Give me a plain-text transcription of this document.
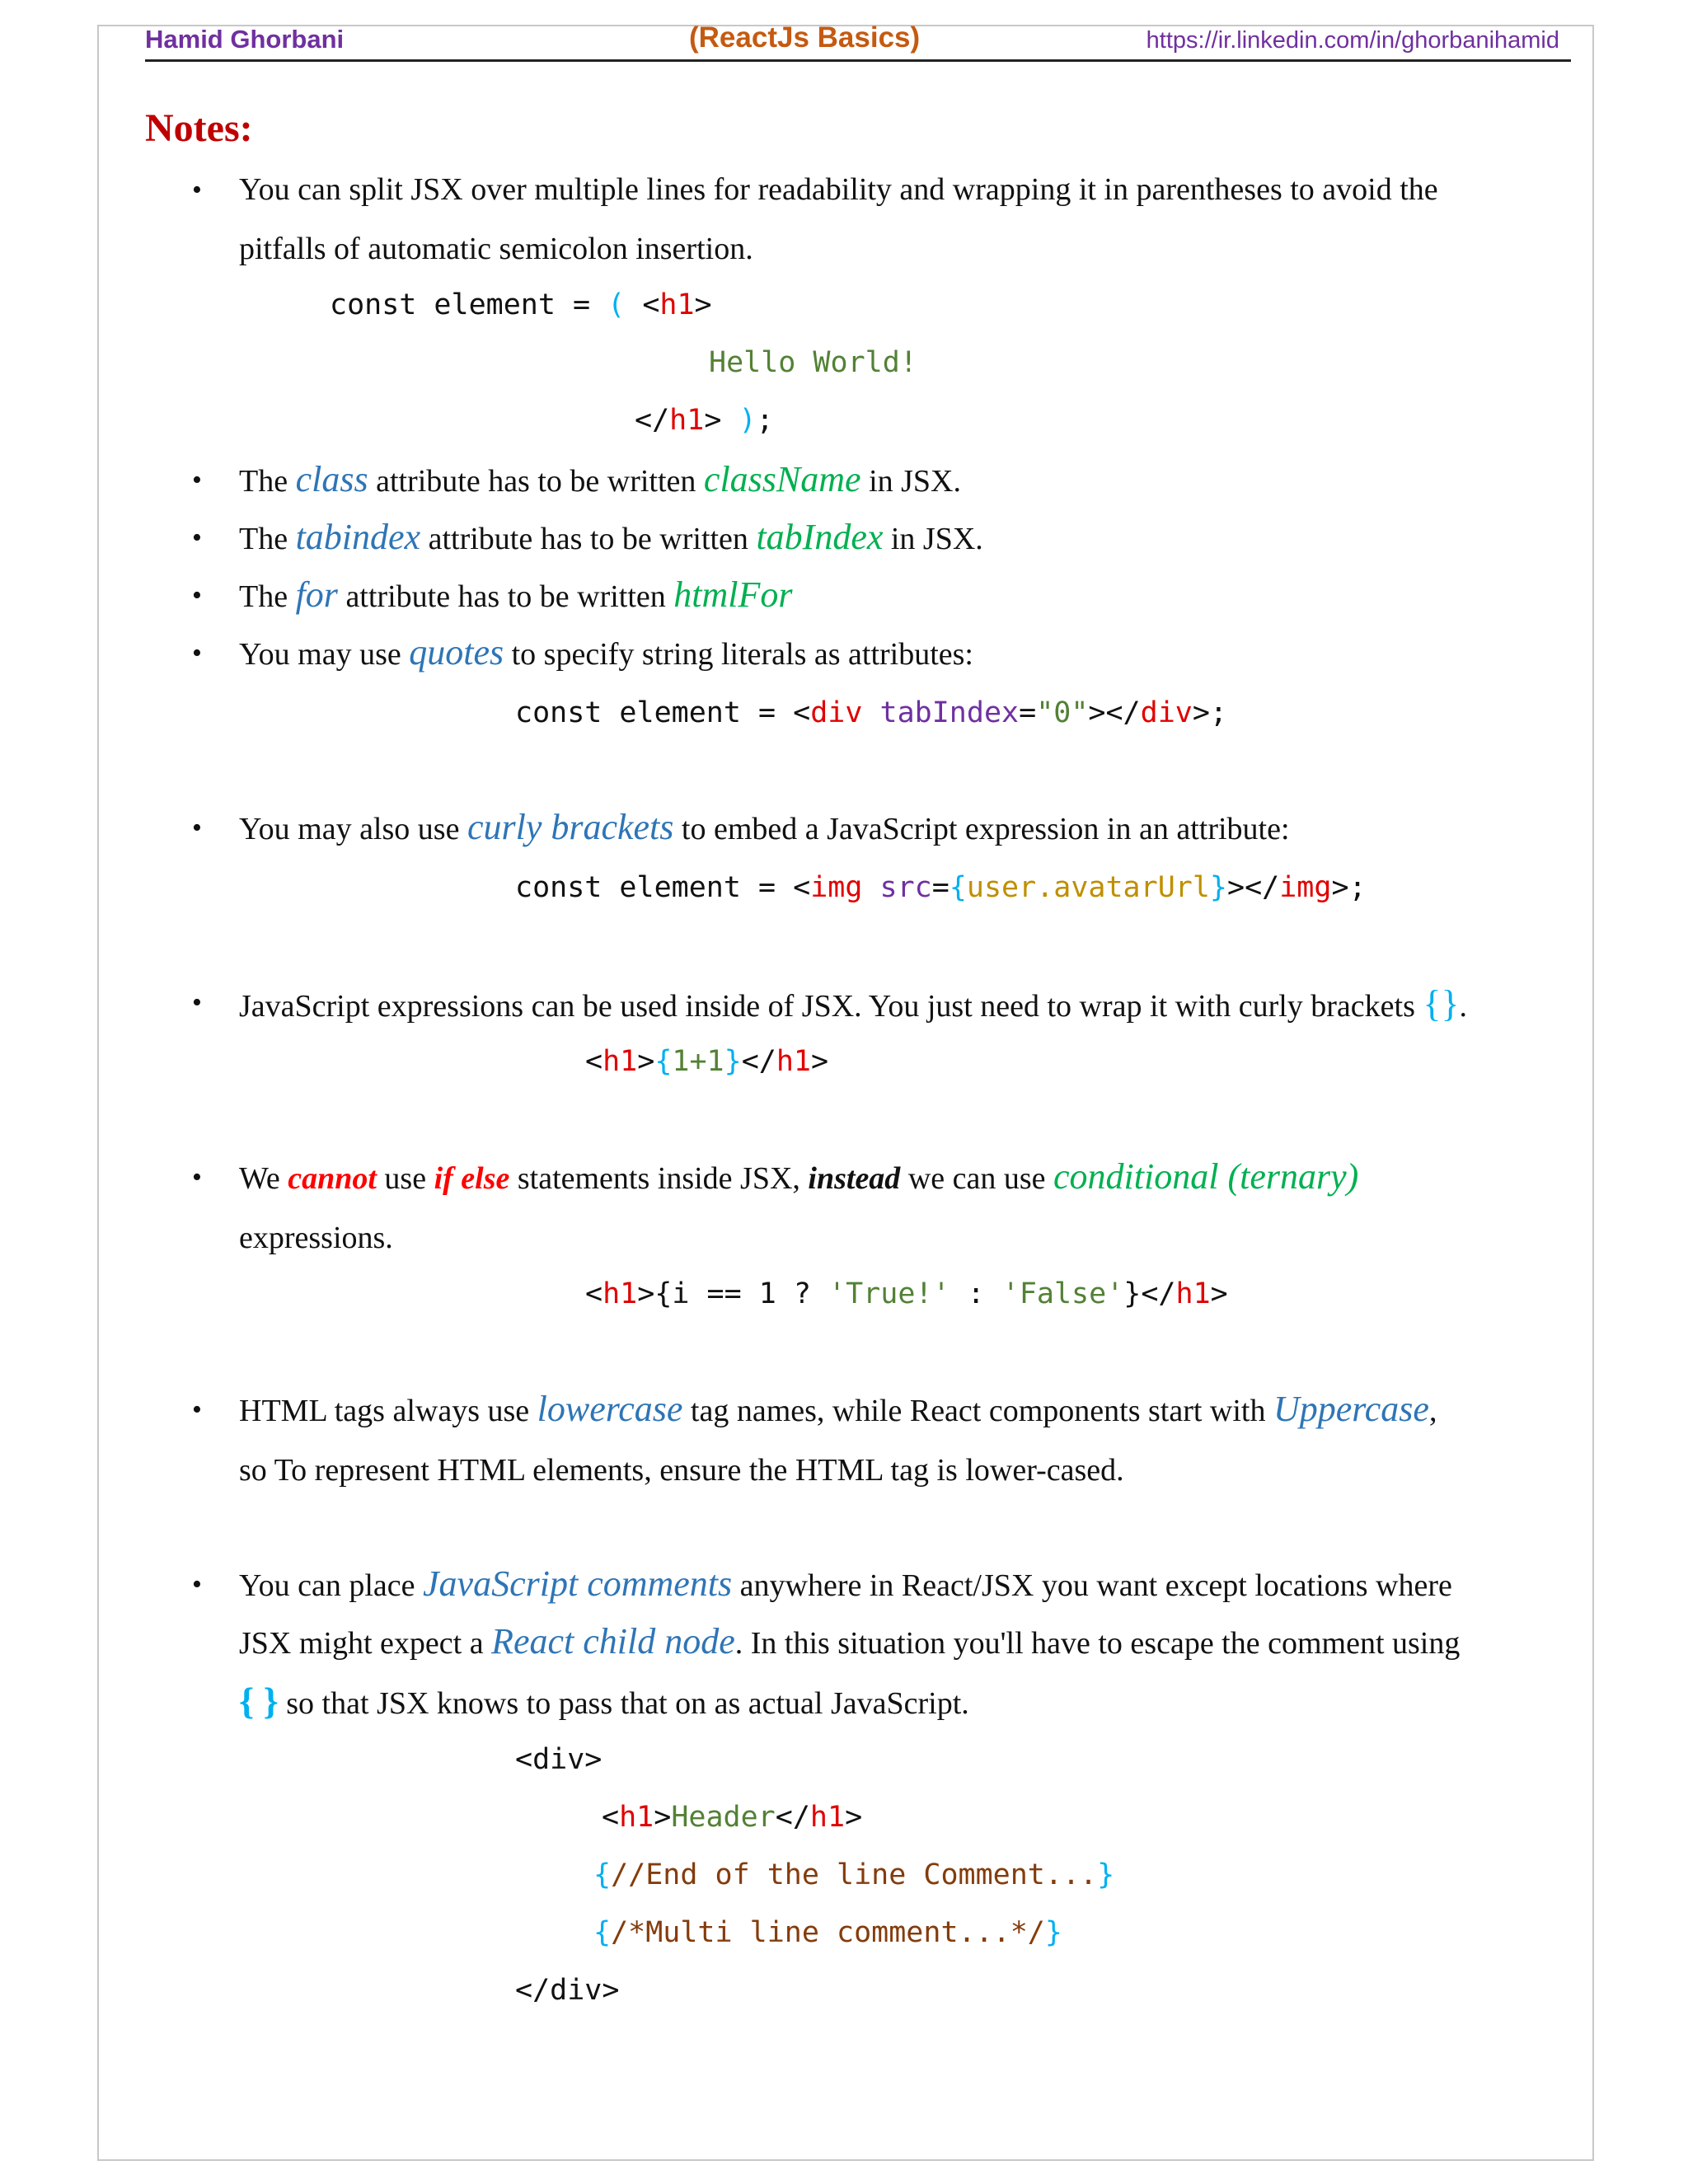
Hamid Ghorbani	(ReactJs Basics)	https://ir.linkedin.com/in/ghorbanihamid
Notes:
• You can split JSX over multiple lines for readability and wrapping it in parentheses to avoid the
pitfalls of automatic semicolon insertion.
const element = ( <h1>
Hello World!
</h1> );
• The class attribute has to be written className in JSX.
• The tabindex attribute has to be written tabIndex in JSX.
• The for attribute has to be written htmlFor
• You may use quotes to specify string literals as attributes:
const element = <div tabIndex="0"></div>;
• You may also use curly brackets to embed a JavaScript expression in an attribute:
const element = <img src={user.avatarUrl}></img>;
• JavaScript expressions can be used inside of JSX. You just need to wrap it with curly brackets {}.
<h1>{1+1}</h1>
• We cannot use if else statements inside JSX, instead we can use conditional (ternary)
expressions.
<h1>{i == 1 ? 'True!' : 'False'}</h1>
• HTML tags always use lowercase tag names, while React components start with Uppercase,
so To represent HTML elements, ensure the HTML tag is lower-cased.
• You can place JavaScript comments anywhere in React/JSX you want except locations where
JSX might expect a React child node. In this situation you'll have to escape the comment using
{ } so that JSX knows to pass that on as actual JavaScript.
<div>
<h1>Header</h1>
{//End of the line Comment...}
{/*Multi line comment...*/}
</div>
